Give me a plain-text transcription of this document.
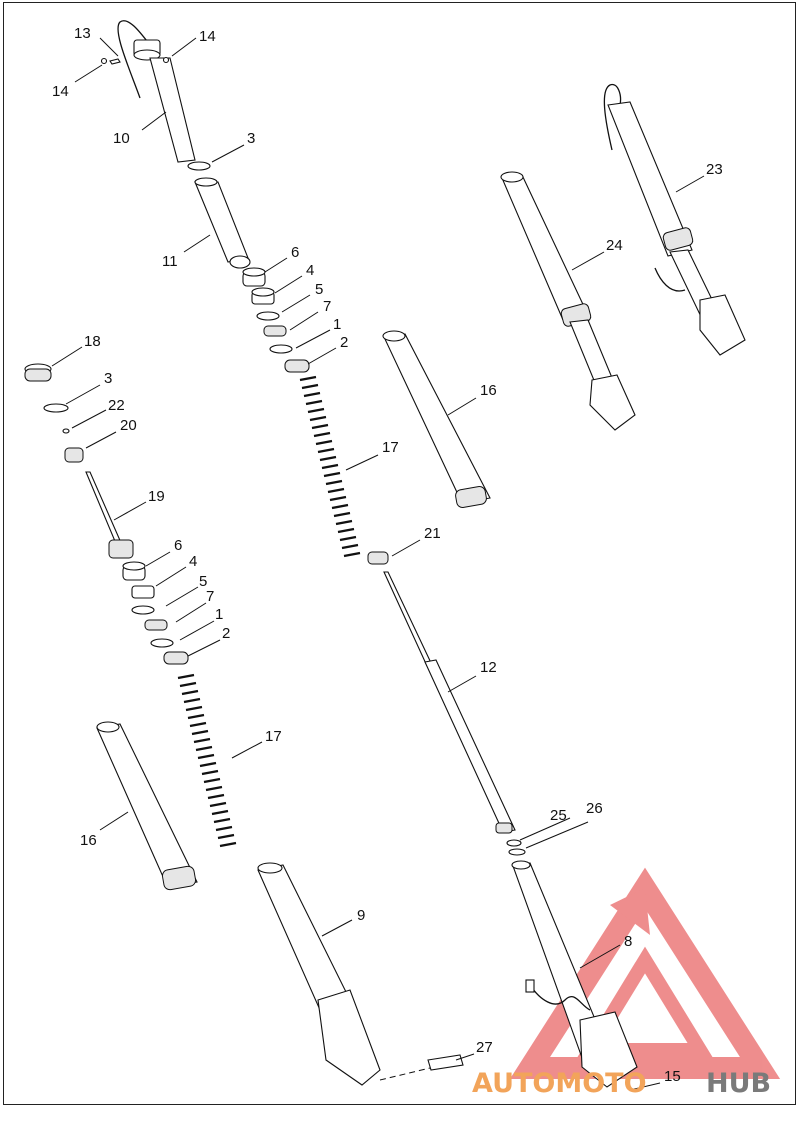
13	14
14
10	3
11
6
4
5
7
1
2
16
17
21
12
25 26
8
15
27
9
18
3
22
20
19
6
4
5
7
1
2
17
16
23
24
AUTOMOTO HUB
